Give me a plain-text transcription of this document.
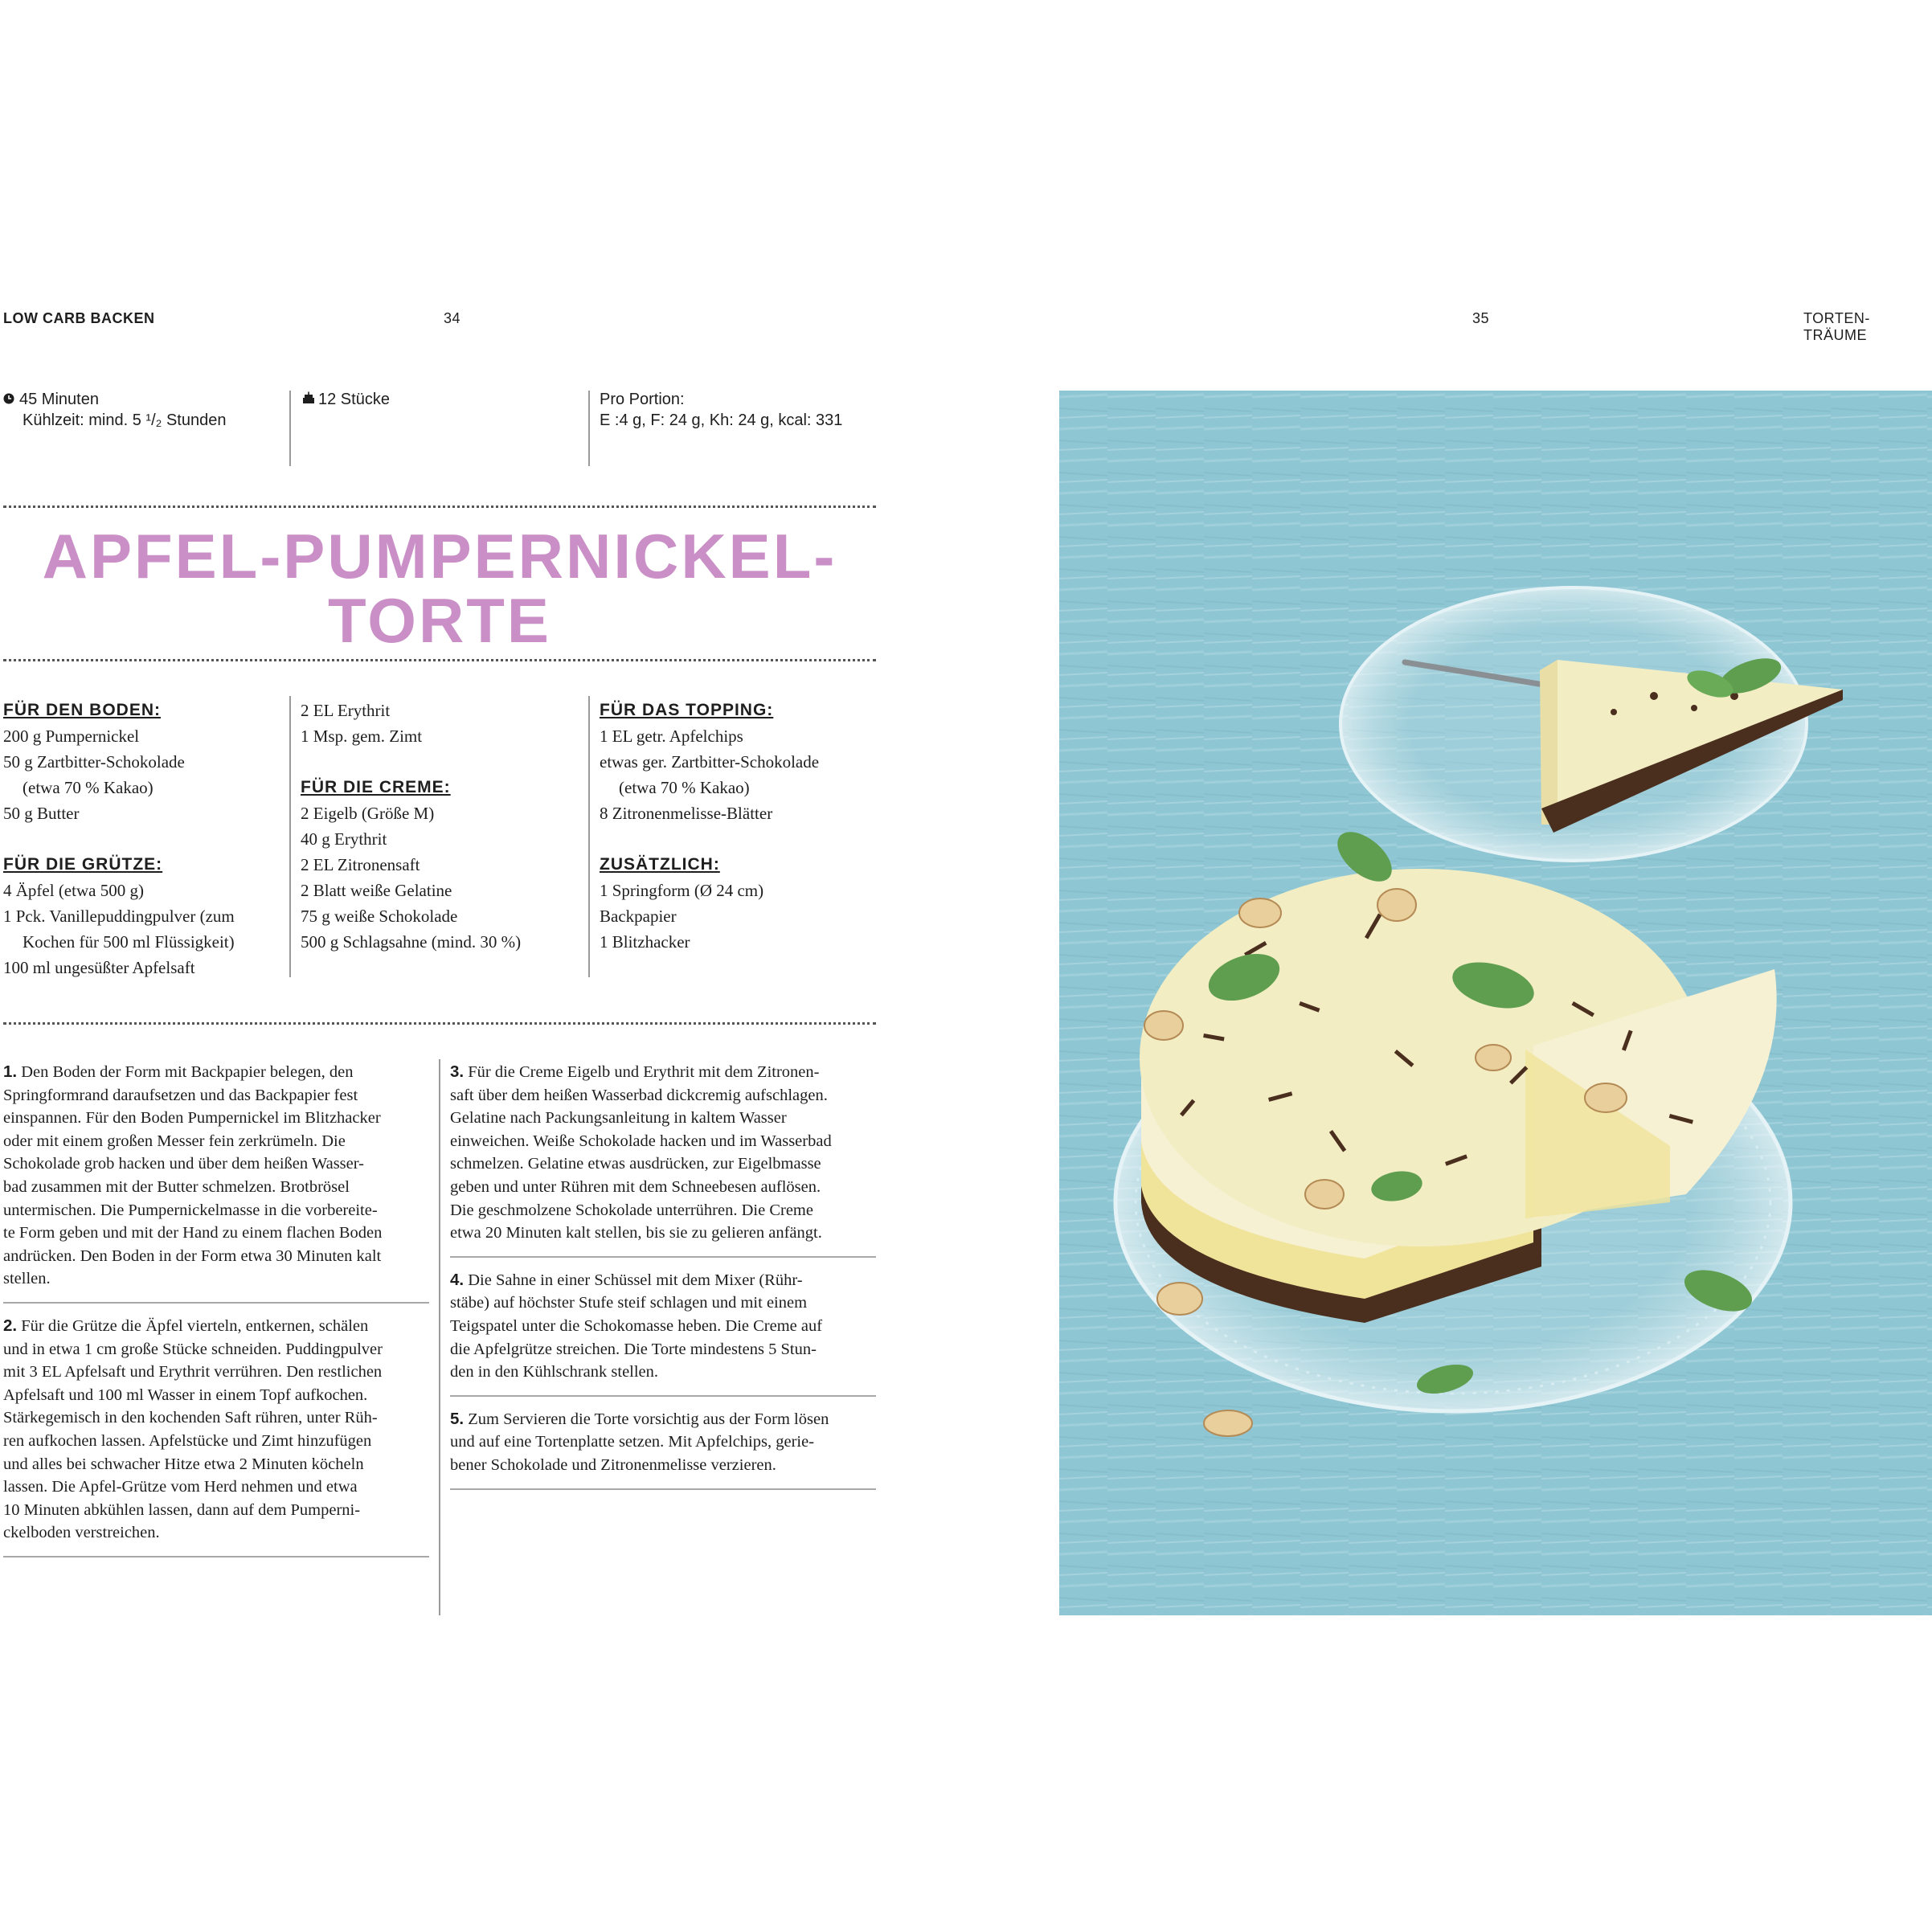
LOW CARB BACKEN	34	35	TORTEN-TRÄUME
45 Minuten
Kühlzeit: mind. 5 ¹/₂ Stunden
12 Stücke	Pro Portion:
E :4 g, F: 24 g, Kh: 24 g, kcal: 331
APFEL-PUMPERNICKEL-
TORTE
FÜR DEN BODEN:
200 g Pumpernickel
50 g Zartbitter-Schokolade
(etwa 70 % Kakao)
50 g Butter
FÜR DIE GRÜTZE:
4 Äpfel (etwa 500 g)
1 Pck. Vanillepuddingpulver (zum
Kochen für 500 ml Flüssigkeit)
100 ml ungesüßter Apfelsaft
2 EL Erythrit
1 Msp. gem. Zimt
FÜR DIE CREME:
2 Eigelb (Größe M)
40 g Erythrit
2 EL Zitronensaft
2 Blatt weiße Gelatine
75 g weiße Schokolade
500 g Schlagsahne (mind. 30 %)
FÜR DAS TOPPING:
1 EL getr. Apfelchips
etwas ger. Zartbitter-Schokolade
(etwa 70 % Kakao)
8 Zitronenmelisse-Blätter
ZUSÄTZLICH:
1 Springform (Ø 24 cm)
Backpapier
1 Blitzhacker
1. Den Boden der Form mit Backpapier belegen, den
Springformrand daraufsetzen und das Backpapier fest
einspannen. Für den Boden Pumpernickel im Blitzhacker
oder mit einem großen Messer fein zerkrümeln. Die
Schokolade grob hacken und über dem heißen Wasser-
bad zusammen mit der Butter schmelzen. Brotbrösel
untermischen. Die Pumpernickelmasse in die vorbereite-
te Form geben und mit der Hand zu einem flachen Boden
andrücken. Den Boden in der Form etwa 30 Minuten kalt
stellen.
2. Für die Grütze die Äpfel vierteln, entkernen, schälen
und in etwa 1 cm große Stücke schneiden. Puddingpulver
mit 3 EL Apfelsaft und Erythrit verrühren. Den restlichen
Apfelsaft und 100 ml Wasser in einem Topf aufkochen.
Stärkegemisch in den kochenden Saft rühren, unter Rüh-
ren aufkochen lassen. Apfelstücke und Zimt hinzufügen
und alles bei schwacher Hitze etwa 2 Minuten köcheln
lassen. Die Apfel-Grütze vom Herd nehmen und etwa
10 Minuten abkühlen lassen, dann auf dem Pumperni-
ckelboden verstreichen.
3. Für die Creme Eigelb und Erythrit mit dem Zitronen-
saft über dem heißen Wasserbad dickcremig aufschlagen.
Gelatine nach Packungsanleitung in kaltem Wasser
einweichen. Weiße Schokolade hacken und im Wasserbad
schmelzen. Gelatine etwas ausdrücken, zur Eigelbmasse
geben und unter Rühren mit dem Schneebesen auflösen.
Die geschmolzene Schokolade unterrühren. Die Creme
etwa 20 Minuten kalt stellen, bis sie zu gelieren anfängt.
4. Die Sahne in einer Schüssel mit dem Mixer (Rühr-
stäbe) auf höchster Stufe steif schlagen und mit einem
Teigspatel unter die Schokomasse heben. Die Creme auf
die Apfelgrütze streichen. Die Torte mindestens 5 Stun-
den in den Kühlschrank stellen.
5. Zum Servieren die Torte vorsichtig aus der Form lösen
und auf eine Tortenplatte setzen. Mit Apfelchips, gerie-
bener Schokolade und Zitronenmelisse verzieren.
